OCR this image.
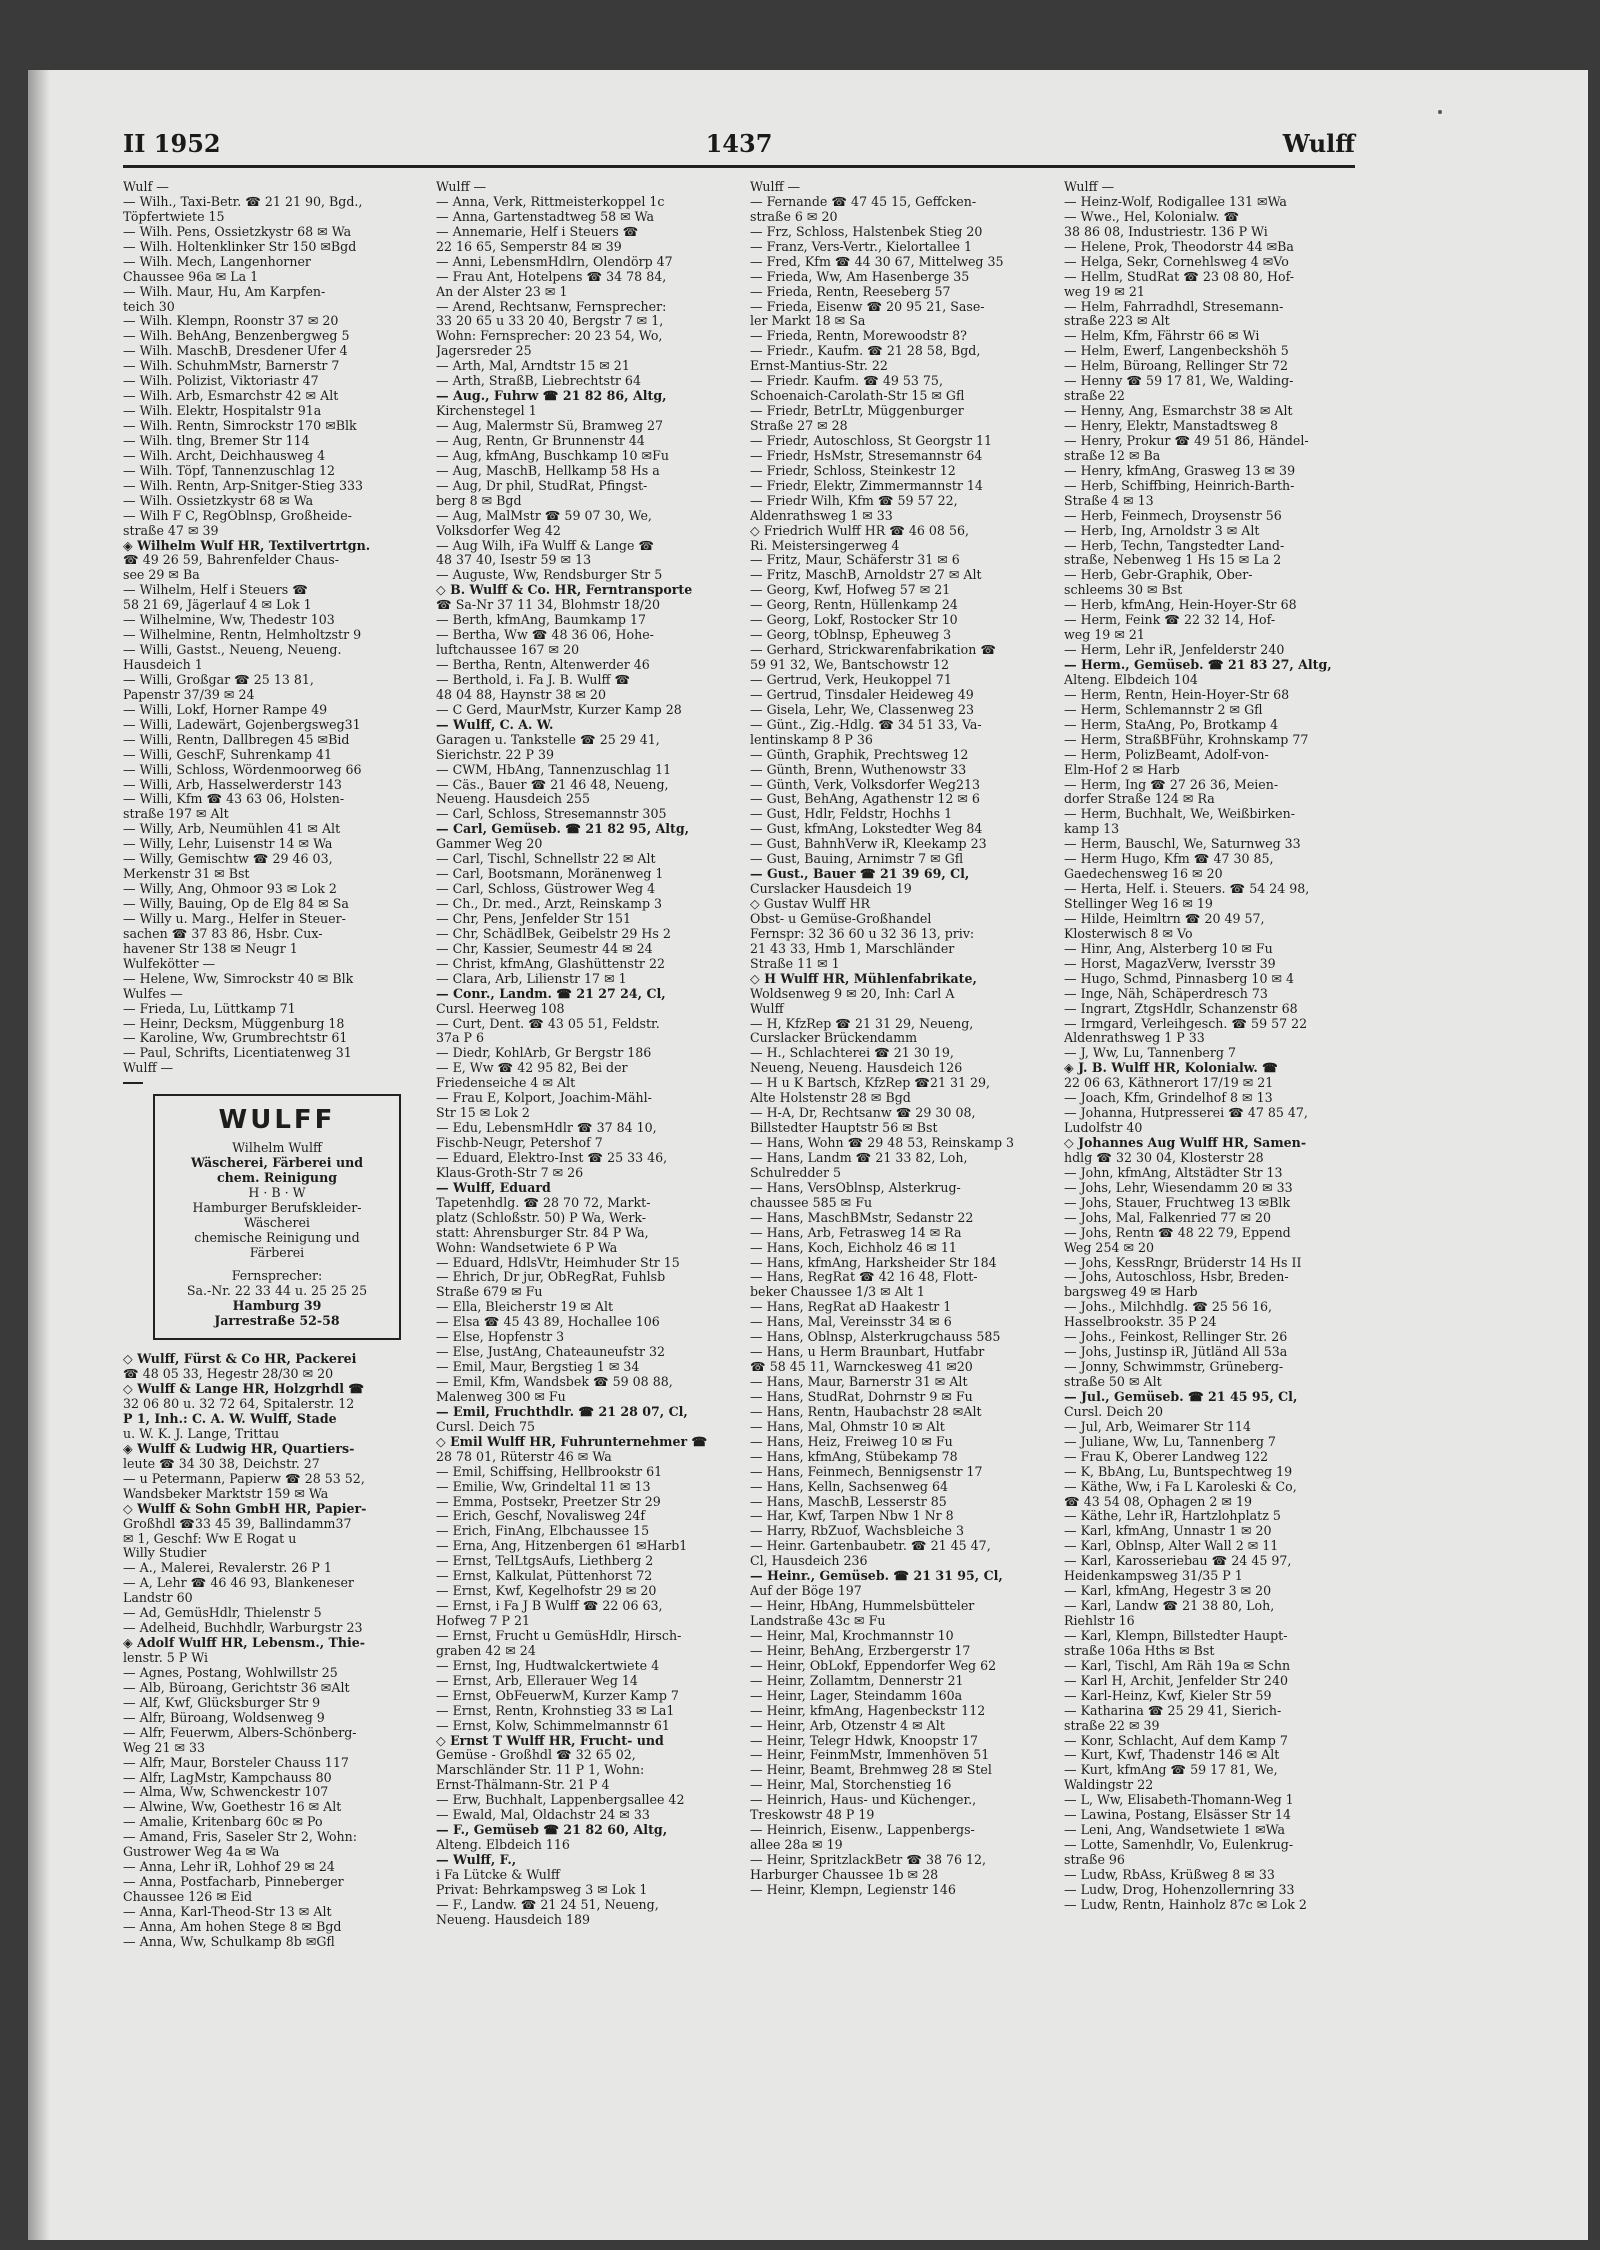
II 1952	1437	Wulff
Wulf —
— Wilh., Taxi-Betr. ☎ 21 21 90, Bgd.,
Töpfertwiete 15
— Wilh. Pens, Ossietzkystr 68 ✉ Wa
— Wilh. Holtenklinker Str 150 ✉Bgd
— Wilh. Mech, Langenhorner
Chaussee 96a ✉ La 1
— Wilh. Maur, Hu, Am Karpfen-
teich 30
— Wilh. Klempn, Roonstr 37 ✉ 20
— Wilh. BehAng, Benzenbergweg 5
— Wilh. MaschB, Dresdener Ufer 4
— Wilh. SchuhmMstr, Barnerstr 7
— Wilh. Polizist, Viktoriastr 47
— Wilh. Arb, Esmarchstr 42 ✉ Alt
— Wilh. Elektr, Hospitalstr 91a
— Wilh. Rentn, Simrockstr 170 ✉Blk
— Wilh. tlng, Bremer Str 114
— Wilh. Archt, Deichhausweg 4
— Wilh. Töpf, Tannenzuschlag 12
— Wilh. Rentn, Arp-Snitger-Stieg 333
— Wilh. Ossietzkystr 68 ✉ Wa
— Wilh F C, RegOblnsp, Großheide-
straße 47 ✉ 39
◈ Wilhelm Wulf HR, Textilvertrtgn.
☎ 49 26 59, Bahrenfelder Chaus-
see 29 ✉ Ba
— Wilhelm, Helf i Steuers ☎
58 21 69, Jägerlauf 4 ✉ Lok 1
— Wilhelmine, Ww, Thedestr 103
— Wilhelmine, Rentn, Helmholtzstr 9
— Willi, Gastst., Neueng, Neueng.
Hausdeich 1
— Willi, Großgar ☎ 25 13 81,
Papenstr 37/39 ✉ 24
— Willi, Lokf, Horner Rampe 49
— Willi, Ladewärt, Gojenbergsweg31
— Willi, Rentn, Dallbregen 45 ✉Bid
— Willi, GeschF, Suhrenkamp 41
— Willi, Schloss, Wördenmoorweg 66
— Willi, Arb, Hasselwerderstr 143
— Willi, Kfm ☎ 43 63 06, Holsten-
straße 197 ✉ Alt
— Willy, Arb, Neumühlen 41 ✉ Alt
— Willy, Lehr, Luisenstr 14 ✉ Wa
— Willy, Gemischtw ☎ 29 46 03,
Merkenstr 31 ✉ Bst
— Willy, Ang, Ohmoor 93 ✉ Lok 2
— Willy, Bauing, Op de Elg 84 ✉ Sa
— Willy u. Marg., Helfer in Steuer-
sachen ☎ 37 83 86, Hsbr. Cux-
havener Str 138 ✉ Neugr 1
Wulfekötter —
— Helene, Ww, Simrockstr 40 ✉ Blk
Wulfes —
— Frieda, Lu, Lüttkamp 71
— Heinr, Decksm, Müggenburg 18
— Karoline, Ww, Grumbrechtstr 61
— Paul, Schrifts, Licentiatenweg 31
Wulff —
WULFF
Wilhelm Wulff
Wäscherei, Färberei und
chem. Reinigung
H · B · W
Hamburger Berufskleider-
Wäscherei
chemische Reinigung und
Färberei
Fernsprecher:
Sa.-Nr. 22 33 44 u. 25 25 25
Hamburg 39
Jarrestraße 52-58
◇ Wulff, Fürst & Co HR, Packerei
☎ 48 05 33, Hegestr 28/30 ✉ 20
◇ Wulff & Lange HR, Holzgrhdl ☎
32 06 80 u. 32 72 64, Spitalerstr. 12
P 1, Inh.: C. A. W. Wulff, Stade
u. W. K. J. Lange, Trittau
◈ Wulff & Ludwig HR, Quartiers-
leute ☎ 34 30 38, Deichstr. 27
— u Petermann, Papierw ☎ 28 53 52,
Wandsbeker Marktstr 159 ✉ Wa
◇ Wulff & Sohn GmbH HR, Papier-
Großhdl ☎33 45 39, Ballindamm37
✉ 1, Geschf: Ww E Rogat u
Willy Studier
— A., Malerei, Revalerstr. 26 P 1
— A, Lehr ☎ 46 46 93, Blankeneser
Landstr 60
— Ad, GemüsHdlr, Thielenstr 5
— Adelheid, Buchhdlr, Warburgstr 23
◈ Adolf Wulff HR, Lebensm., Thie-
lenstr. 5 P Wi
— Agnes, Postang, Wohlwillstr 25
— Alb, Büroang, Gerichtstr 36 ✉Alt
— Alf, Kwf, Glücksburger Str 9
— Alfr, Büroang, Woldsenweg 9
— Alfr, Feuerwm, Albers-Schönberg-
Weg 21 ✉ 33
— Alfr, Maur, Borsteler Chauss 117
— Alfr, LagMstr, Kampchauss 80
— Alma, Ww, Schwenckestr 107
— Alwine, Ww, Goethestr 16 ✉ Alt
— Amalie, Kritenbarg 60c ✉ Po
— Amand, Fris, Saseler Str 2, Wohn:
Gustrower Weg 4a ✉ Wa
— Anna, Lehr iR, Lohhof 29 ✉ 24
— Anna, Postfacharb, Pinneberger
Chaussee 126 ✉ Eid
— Anna, Karl-Theod-Str 13 ✉ Alt
— Anna, Am hohen Stege 8 ✉ Bgd
— Anna, Ww, Schulkamp 8b ✉Gfl
Wulff —
— Anna, Verk, Rittmeisterkoppel 1c
— Anna, Gartenstadtweg 58 ✉ Wa
— Annemarie, Helf i Steuers ☎
22 16 65, Semperstr 84 ✉ 39
— Anni, LebensmHdlrn, Olendörp 47
— Frau Ant, Hotelpens ☎ 34 78 84,
An der Alster 23 ✉ 1
— Arend, Rechtsanw, Fernsprecher:
33 20 65 u 33 20 40, Bergstr 7 ✉ 1,
Wohn: Fernsprecher: 20 23 54, Wo,
Jagersreder 25
— Arth, Mal, Arndtstr 15 ✉ 21
— Arth, StraßB, Liebrechtstr 64
— Aug., Fuhrw ☎ 21 82 86, Altg,
Kirchenstegel 1
— Aug, Malermstr Sü, Bramweg 27
— Aug, Rentn, Gr Brunnenstr 44
— Aug, kfmAng, Buschkamp 10 ✉Fu
— Aug, MaschB, Hellkamp 58 Hs a
— Aug, Dr phil, StudRat, Pfingst-
berg 8 ✉ Bgd
— Aug, MalMstr ☎ 59 07 30, We,
Volksdorfer Weg 42
— Aug Wilh, iFa Wulff & Lange ☎
48 37 40, Isestr 59 ✉ 13
— Auguste, Ww, Rendsburger Str 5
◇ B. Wulff & Co. HR, Ferntransporte
☎ Sa-Nr 37 11 34, Blohmstr 18/20
— Berth, kfmAng, Baumkamp 17
— Bertha, Ww ☎ 48 36 06, Hohe-
luftchaussee 167 ✉ 20
— Bertha, Rentn, Altenwerder 46
— Berthold, i. Fa J. B. Wulff ☎
48 04 88, Haynstr 38 ✉ 20
— C Gerd, MaurMstr, Kurzer Kamp 28
— Wulff, C. A. W.
Garagen u. Tankstelle ☎ 25 29 41,
Sierichstr. 22 P 39
— CWM, HbAng, Tannenzuschlag 11
— Cäs., Bauer ☎ 21 46 48, Neueng,
Neueng. Hausdeich 255
— Carl, Schloss, Stresemannstr 305
— Carl, Gemüseb. ☎ 21 82 95, Altg,
Gammer Weg 20
— Carl, Tischl, Schnellstr 22 ✉ Alt
— Carl, Bootsmann, Moränenweg 1
— Carl, Schloss, Güstrower Weg 4
— Ch., Dr. med., Arzt, Reinskamp 3
— Chr, Pens, Jenfelder Str 151
— Chr, SchädlBek, Geibelstr 29 Hs 2
— Chr, Kassier, Seumestr 44 ✉ 24
— Christ, kfmAng, Glashüttenstr 22
— Clara, Arb, Lilienstr 17 ✉ 1
— Conr., Landm. ☎ 21 27 24, Cl,
Cursl. Heerweg 108
— Curt, Dent. ☎ 43 05 51, Feldstr.
37a P 6
— Diedr, KohlArb, Gr Bergstr 186
— E, Ww ☎ 42 95 82, Bei der
Friedenseiche 4 ✉ Alt
— Frau E, Kolport, Joachim-Mähl-
Str 15 ✉ Lok 2
— Edu, LebensmHdlr ☎ 37 84 10,
Fischb-Neugr, Petershof 7
— Eduard, Elektro-Inst ☎ 25 33 46,
Klaus-Groth-Str 7 ✉ 26
— Wulff, Eduard
Tapetenhdlg. ☎ 28 70 72, Markt-
platz (Schloßstr. 50) P Wa, Werk-
statt: Ahrensburger Str. 84 P Wa,
Wohn: Wandsetwiete 6 P Wa
— Eduard, HdlsVtr, Heimhuder Str 15
— Ehrich, Dr jur, ObRegRat, Fuhlsb
Straße 679 ✉ Fu
— Ella, Bleicherstr 19 ✉ Alt
— Elsa ☎ 45 43 89, Hochallee 106
— Else, Hopfenstr 3
— Else, JustAng, Chateauneufstr 32
— Emil, Maur, Bergstieg 1 ✉ 34
— Emil, Kfm, Wandsbek ☎ 59 08 88,
Malenweg 300 ✉ Fu
— Emil, Fruchthdlr. ☎ 21 28 07, Cl,
Cursl. Deich 75
◇ Emil Wulff HR, Fuhrunternehmer ☎
28 78 01, Rüterstr 46 ✉ Wa
— Emil, Schiffsing, Hellbrookstr 61
— Emilie, Ww, Grindeltal 11 ✉ 13
— Emma, Postsekr, Preetzer Str 29
— Erich, Geschf, Novalisweg 24f
— Erich, FinAng, Elbchaussee 15
— Erna, Ang, Hitzenbergen 61 ✉Harb1
— Ernst, TelLtgsAufs, Liethberg 2
— Ernst, Kalkulat, Püttenhorst 72
— Ernst, Kwf, Kegelhofstr 29 ✉ 20
— Ernst, i Fa J B Wulff ☎ 22 06 63,
Hofweg 7 P 21
— Ernst, Frucht u GemüsHdlr, Hirsch-
graben 42 ✉ 24
— Ernst, Ing, Hudtwalckertwiete 4
— Ernst, Arb, Ellerauer Weg 14
— Ernst, ObFeuerwM, Kurzer Kamp 7
— Ernst, Rentn, Krohnstieg 33 ✉ La1
— Ernst, Kolw, Schimmelmannstr 61
◇ Ernst T Wulff HR, Frucht- und
Gemüse - Großhdl ☎ 32 65 02,
Marschländer Str. 11 P 1, Wohn:
Ernst-Thälmann-Str. 21 P 4
— Erw, Buchhalt, Lappenbergsallee 42
— Ewald, Mal, Oldachstr 24 ✉ 33
— F., Gemüseb ☎ 21 82 60, Altg,
Alteng. Elbdeich 116
— Wulff, F.,
i Fa Lütcke & Wulff
Privat: Behrkampsweg 3 ✉ Lok 1
— F., Landw. ☎ 21 24 51, Neueng,
Neueng. Hausdeich 189
Wulff —
— Fernande ☎ 47 45 15, Geffcken-
straße 6 ✉ 20
— Frz, Schloss, Halstenbek Stieg 20
— Franz, Vers-Vertr., Kielortallee 1
— Fred, Kfm ☎ 44 30 67, Mittelweg 35
— Frieda, Ww, Am Hasenberge 35
— Frieda, Rentn, Reeseberg 57
— Frieda, Eisenw ☎ 20 95 21, Sase-
ler Markt 18 ✉ Sa
— Frieda, Rentn, Morewoodstr 8?
— Friedr., Kaufm. ☎ 21 28 58, Bgd,
Ernst-Mantius-Str. 22
— Friedr. Kaufm. ☎ 49 53 75,
Schoenaich-Carolath-Str 15 ✉ Gfl
— Friedr, BetrLtr, Müggenburger
Straße 27 ✉ 28
— Friedr, Autoschloss, St Georgstr 11
— Friedr, HsMstr, Stresemannstr 64
— Friedr, Schloss, Steinkestr 12
— Friedr, Elektr, Zimmermannstr 14
— Friedr Wilh, Kfm ☎ 59 57 22,
Aldenrathsweg 1 ✉ 33
◇ Friedrich Wulff HR ☎ 46 08 56,
Ri. Meistersingerweg 4
— Fritz, Maur, Schäferstr 31 ✉ 6
— Fritz, MaschB, Arnoldstr 27 ✉ Alt
— Georg, Kwf, Hofweg 57 ✉ 21
— Georg, Rentn, Hüllenkamp 24
— Georg, Lokf, Rostocker Str 10
— Georg, tOblnsp, Epheuweg 3
— Gerhard, Strickwarenfabrikation ☎
59 91 32, We, Bantschowstr 12
— Gertrud, Verk, Heukoppel 71
— Gertrud, Tinsdaler Heideweg 49
— Gisela, Lehr, We, Classenweg 23
— Günt., Zig.-Hdlg. ☎ 34 51 33, Va-
lentinskamp 8 P 36
— Günth, Graphik, Prechtsweg 12
— Günth, Brenn, Wuthenowstr 33
— Günth, Verk, Volksdorfer Weg213
— Gust, BehAng, Agathenstr 12 ✉ 6
— Gust, Hdlr, Feldstr, Hochhs 1
— Gust, kfmAng, Lokstedter Weg 84
— Gust, BahnhVerw iR, Kleekamp 23
— Gust, Bauing, Arnimstr 7 ✉ Gfl
— Gust., Bauer ☎ 21 39 69, Cl,
Curslacker Hausdeich 19
◇ Gustav Wulff HR
Obst- u Gemüse-Großhandel
Fernspr: 32 36 60 u 32 36 13, priv:
21 43 33, Hmb 1, Marschländer
Straße 11 ✉ 1
◇ H Wulff HR, Mühlenfabrikate,
Woldsenweg 9 ✉ 20, Inh: Carl A
Wulff
— H, KfzRep ☎ 21 31 29, Neueng,
Curslacker Brückendamm
— H., Schlachterei ☎ 21 30 19,
Neueng, Neueng. Hausdeich 126
— H u K Bartsch, KfzRep ☎21 31 29,
Alte Holstenstr 28 ✉ Bgd
— H-A, Dr, Rechtsanw ☎ 29 30 08,
Billstedter Hauptstr 56 ✉ Bst
— Hans, Wohn ☎ 29 48 53, Reinskamp 3
— Hans, Landm ☎ 21 33 82, Loh,
Schulredder 5
— Hans, VersOblnsp, Alsterkrug-
chaussee 585 ✉ Fu
— Hans, MaschBMstr, Sedanstr 22
— Hans, Arb, Fetrasweg 14 ✉ Ra
— Hans, Koch, Eichholz 46 ✉ 11
— Hans, kfmAng, Harksheider Str 184
— Hans, RegRat ☎ 42 16 48, Flott-
beker Chaussee 1/3 ✉ Alt 1
— Hans, RegRat aD Haakestr 1
— Hans, Mal, Vereinsstr 34 ✉ 6
— Hans, Oblnsp, Alsterkrugchauss 585
— Hans, u Herm Braunbart, Hutfabr
☎ 58 45 11, Warnckesweg 41 ✉20
— Hans, Maur, Barnerstr 31 ✉ Alt
— Hans, StudRat, Dohrnstr 9 ✉ Fu
— Hans, Rentn, Haubachstr 28 ✉Alt
— Hans, Mal, Ohmstr 10 ✉ Alt
— Hans, Heiz, Freiweg 10 ✉ Fu
— Hans, kfmAng, Stübekamp 78
— Hans, Feinmech, Bennigsenstr 17
— Hans, Kelln, Sachsenweg 64
— Hans, MaschB, Lesserstr 85
— Har, Kwf, Tarpen Nbw 1 Nr 8
— Harry, RbZuof, Wachsbleiche 3
— Heinr. Gartenbaubetr. ☎ 21 45 47,
Cl, Hausdeich 236
— Heinr., Gemüseb. ☎ 21 31 95, Cl,
Auf der Böge 197
— Heinr, HbAng, Hummelsbütteler
Landstraße 43c ✉ Fu
— Heinr, Mal, Krochmannstr 10
— Heinr, BehAng, Erzbergerstr 17
— Heinr, ObLokf, Eppendorfer Weg 62
— Heinr, Zollamtm, Dennerstr 21
— Heinr, Lager, Steindamm 160a
— Heinr, kfmAng, Hagenbeckstr 112
— Heinr, Arb, Otzenstr 4 ✉ Alt
— Heinr, Telegr Hdwk, Knoopstr 17
— Heinr, FeinmMstr, Immenhöven 51
— Heinr, Beamt, Brehmweg 28 ✉ Stel
— Heinr, Mal, Storchenstieg 16
— Heinrich, Haus- und Küchenger.,
Treskowstr 48 P 19
— Heinrich, Eisenw., Lappenbergs-
allee 28a ✉ 19
— Heinr, SpritzlackBetr ☎ 38 76 12,
Harburger Chaussee 1b ✉ 28
— Heinr, Klempn, Legienstr 146
Wulff —
— Heinz-Wolf, Rodigallee 131 ✉Wa
— Wwe., Hel, Kolonialw. ☎
38 86 08, Industriestr. 136 P Wi
— Helene, Prok, Theodorstr 44 ✉Ba
— Helga, Sekr, Cornehlsweg 4 ✉Vo
— Hellm, StudRat ☎ 23 08 80, Hof-
weg 19 ✉ 21
— Helm, Fahrradhdl, Stresemann-
straße 223 ✉ Alt
— Helm, Kfm, Fährstr 66 ✉ Wi
— Helm, Ewerf, Langenbeckshöh 5
— Helm, Büroang, Rellinger Str 72
— Henny ☎ 59 17 81, We, Walding-
straße 22
— Henny, Ang, Esmarchstr 38 ✉ Alt
— Henry, Elektr, Manstadtsweg 8
— Henry, Prokur ☎ 49 51 86, Händel-
straße 12 ✉ Ba
— Henry, kfmAng, Grasweg 13 ✉ 39
— Herb, Schiffbing, Heinrich-Barth-
Straße 4 ✉ 13
— Herb, Feinmech, Droysenstr 56
— Herb, Ing, Arnoldstr 3 ✉ Alt
— Herb, Techn, Tangstedter Land-
straße, Nebenweg 1 Hs 15 ✉ La 2
— Herb, Gebr-Graphik, Ober-
schleems 30 ✉ Bst
— Herb, kfmAng, Hein-Hoyer-Str 68
— Herm, Feink ☎ 22 32 14, Hof-
weg 19 ✉ 21
— Herm, Lehr iR, Jenfelderstr 240
— Herm., Gemüseb. ☎ 21 83 27, Altg,
Alteng. Elbdeich 104
— Herm, Rentn, Hein-Hoyer-Str 68
— Herm, Schlemannstr 2 ✉ Gfl
— Herm, StaAng, Po, Brotkamp 4
— Herm, StraßBFühr, Krohnskamp 77
— Herm, PolizBeamt, Adolf-von-
Elm-Hof 2 ✉ Harb
— Herm, Ing ☎ 27 26 36, Meien-
dorfer Straße 124 ✉ Ra
— Herm, Buchhalt, We, Weißbirken-
kamp 13
— Herm, Bauschl, We, Saturnweg 33
— Herm Hugo, Kfm ☎ 47 30 85,
Gaedechensweg 16 ✉ 20
— Herta, Helf. i. Steuers. ☎ 54 24 98,
Stellinger Weg 16 ✉ 19
— Hilde, Heimltrn ☎ 20 49 57,
Klosterwisch 8 ✉ Vo
— Hinr, Ang, Alsterberg 10 ✉ Fu
— Horst, MagazVerw, Iversstr 39
— Hugo, Schmd, Pinnasberg 10 ✉ 4
— Inge, Näh, Schäperdresch 73
— Ingrart, ZtgsHdlr, Schanzenstr 68
— Irmgard, Verleihgesch. ☎ 59 57 22
Aldenrathsweg 1 P 33
— J, Ww, Lu, Tannenberg 7
◈ J. B. Wulff HR, Kolonialw. ☎
22 06 63, Käthnerort 17/19 ✉ 21
— Joach, Kfm, Grindelhof 8 ✉ 13
— Johanna, Hutpresserei ☎ 47 85 47,
Ludolfstr 40
◇ Johannes Aug Wulff HR, Samen-
hdlg ☎ 32 30 04, Klosterstr 28
— John, kfmAng, Altstädter Str 13
— Johs, Lehr, Wiesendamm 20 ✉ 33
— Johs, Stauer, Fruchtweg 13 ✉Blk
— Johs, Mal, Falkenried 77 ✉ 20
— Johs, Rentn ☎ 48 22 79, Eppend
Weg 254 ✉ 20
— Johs, KessRngr, Brüderstr 14 Hs II
— Johs, Autoschloss, Hsbr, Breden-
bargsweg 49 ✉ Harb
— Johs., Milchhdlg. ☎ 25 56 16,
Hasselbrookstr. 35 P 24
— Johs., Feinkost, Rellinger Str. 26
— Johs, Justinsp iR, Jütländ All 53a
— Jonny, Schwimmstr, Grüneberg-
straße 50 ✉ Alt
— Jul., Gemüseb. ☎ 21 45 95, Cl,
Cursl. Deich 20
— Jul, Arb, Weimarer Str 114
— Juliane, Ww, Lu, Tannenberg 7
— Frau K, Oberer Landweg 122
— K, BbAng, Lu, Buntspechtweg 19
— Käthe, Ww, i Fa L Karoleski & Co,
☎ 43 54 08, Ophagen 2 ✉ 19
— Käthe, Lehr iR, Hartzlohplatz 5
— Karl, kfmAng, Unnastr 1 ✉ 20
— Karl, Oblnsp, Alter Wall 2 ✉ 11
— Karl, Karosseriebau ☎ 24 45 97,
Heidenkampsweg 31/35 P 1
— Karl, kfmAng, Hegestr 3 ✉ 20
— Karl, Landw ☎ 21 38 80, Loh,
Riehlstr 16
— Karl, Klempn, Billstedter Haupt-
straße 106a Hths ✉ Bst
— Karl, Tischl, Am Räh 19a ✉ Schn
— Karl H, Archit, Jenfelder Str 240
— Karl-Heinz, Kwf, Kieler Str 59
— Katharina ☎ 25 29 41, Sierich-
straße 22 ✉ 39
— Konr, Schlacht, Auf dem Kamp 7
— Kurt, Kwf, Thadenstr 146 ✉ Alt
— Kurt, kfmAng ☎ 59 17 81, We,
Waldingstr 22
— L, Ww, Elisabeth-Thomann-Weg 1
— Lawina, Postang, Elsässer Str 14
— Leni, Ang, Wandsetwiete 1 ✉Wa
— Lotte, Samenhdlr, Vo, Eulenkrug-
straße 96
— Ludw, RbAss, Krüßweg 8 ✉ 33
— Ludw, Drog, Hohenzollernring 33
— Ludw, Rentn, Hainholz 87c ✉ Lok 2
